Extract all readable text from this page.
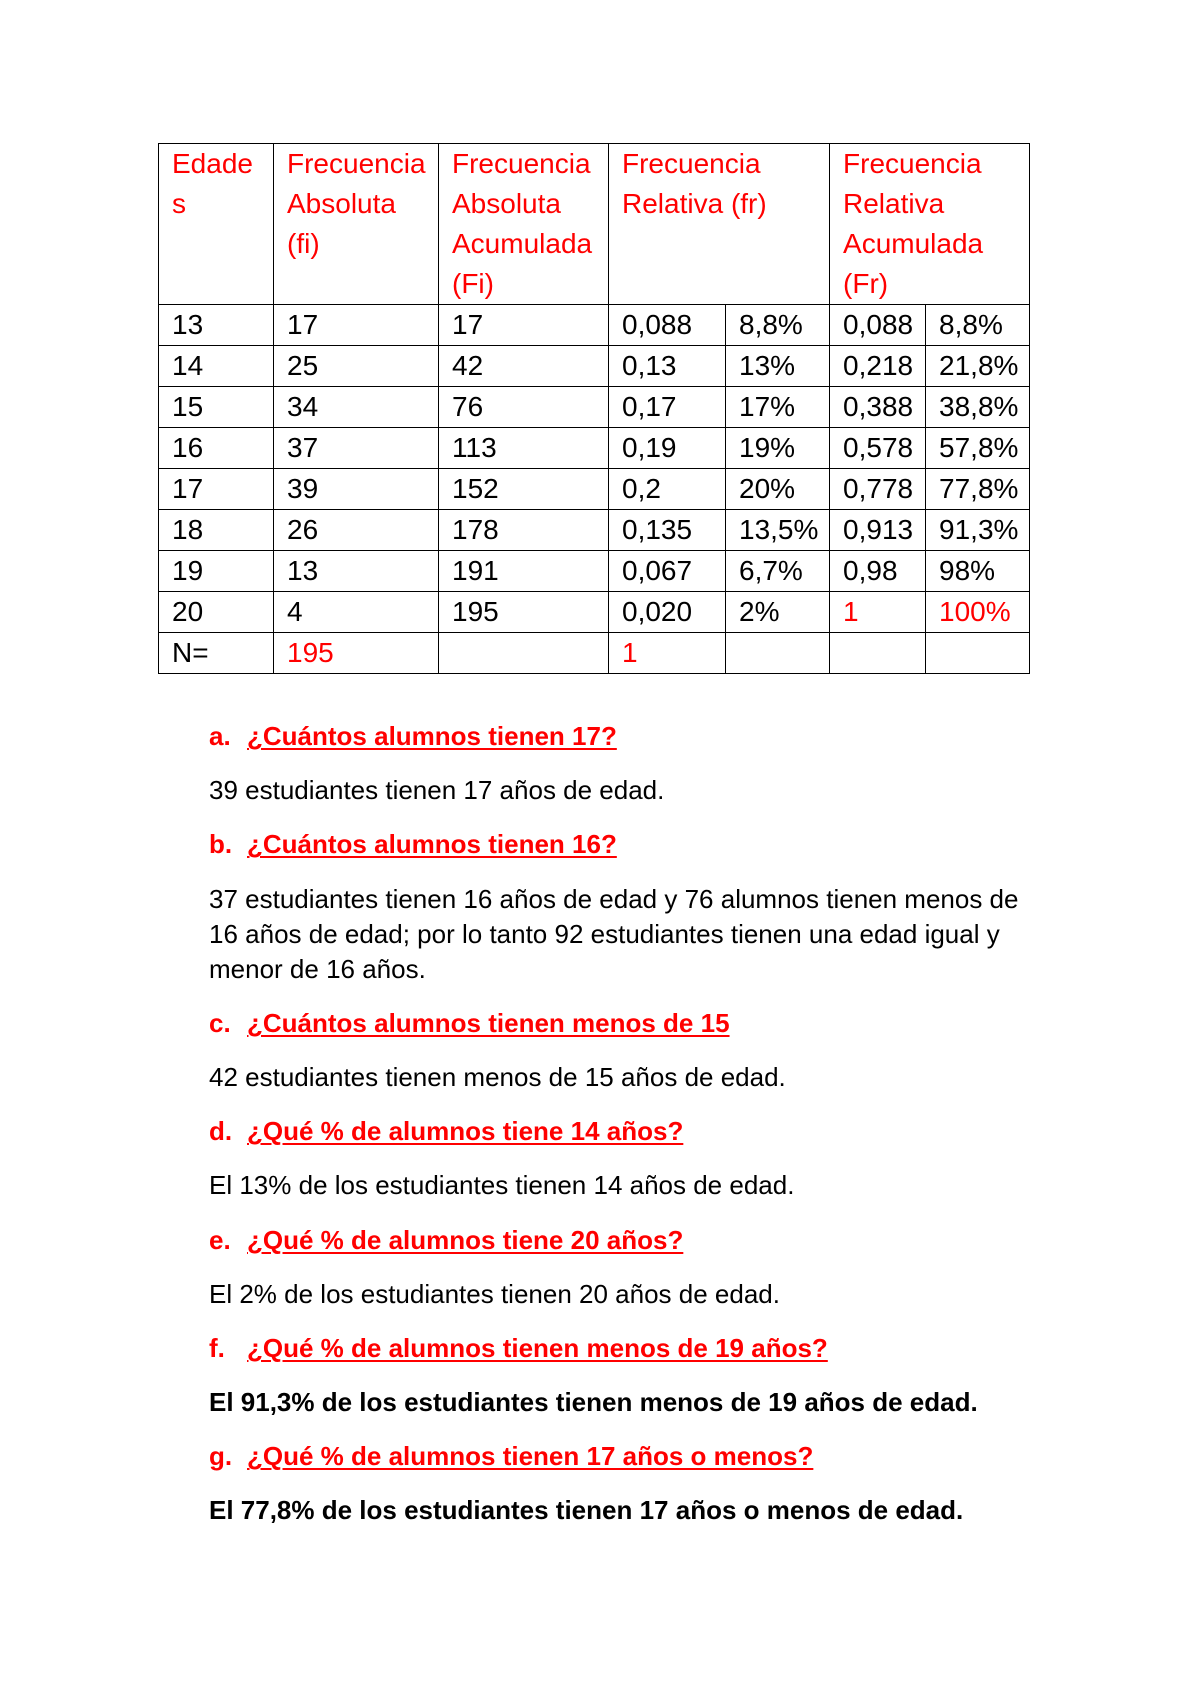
Edade
s	Frecuencia
Absoluta
(fi)	Frecuencia
Absoluta
Acumulada
(Fi)	Frecuencia
Relativa (fr)		Frecuencia
Relativa
Acumulada
(Fr)	

13	17	17	0,088	8,8%	0,088	8,8%
14	25	42	0,13	13%	0,218	21,8%
15	34	76	0,17	17%	0,388	38,8%
16	37	113	0,19	19%	0,578	57,8%
17	39	152	0,2	20%	0,778	77,8%
18	26	178	0,135	13,5%	0,913	91,3%
19	13	191	0,067	6,7%	0,98	98%
20	4	195	0,020	2%	1	100%
N=	195		1			
a. ¿Cuántos alumnos tienen 17?
39 estudiantes tienen 17 años de edad.
b. ¿Cuántos alumnos tienen 16?
37 estudiantes tienen 16 años de edad y 76 alumnos tienen menos de
16 años de edad; por lo tanto 92 estudiantes tienen una edad igual y
menor de 16 años.
c. ¿Cuántos alumnos tienen menos de 15
42 estudiantes tienen menos de 15 años de edad.
d. ¿Qué % de alumnos tiene 14 años?
El 13% de los estudiantes tienen 14 años de edad.
e. ¿Qué % de alumnos tiene 20 años?
El 2% de los estudiantes tienen 20 años de edad.
f. ¿Qué % de alumnos tienen menos de 19 años?
El 91,3% de los estudiantes tienen menos de 19 años de edad.
g. ¿Qué % de alumnos tienen 17 años o menos?
El 77,8% de los estudiantes tienen 17 años o menos de edad.
